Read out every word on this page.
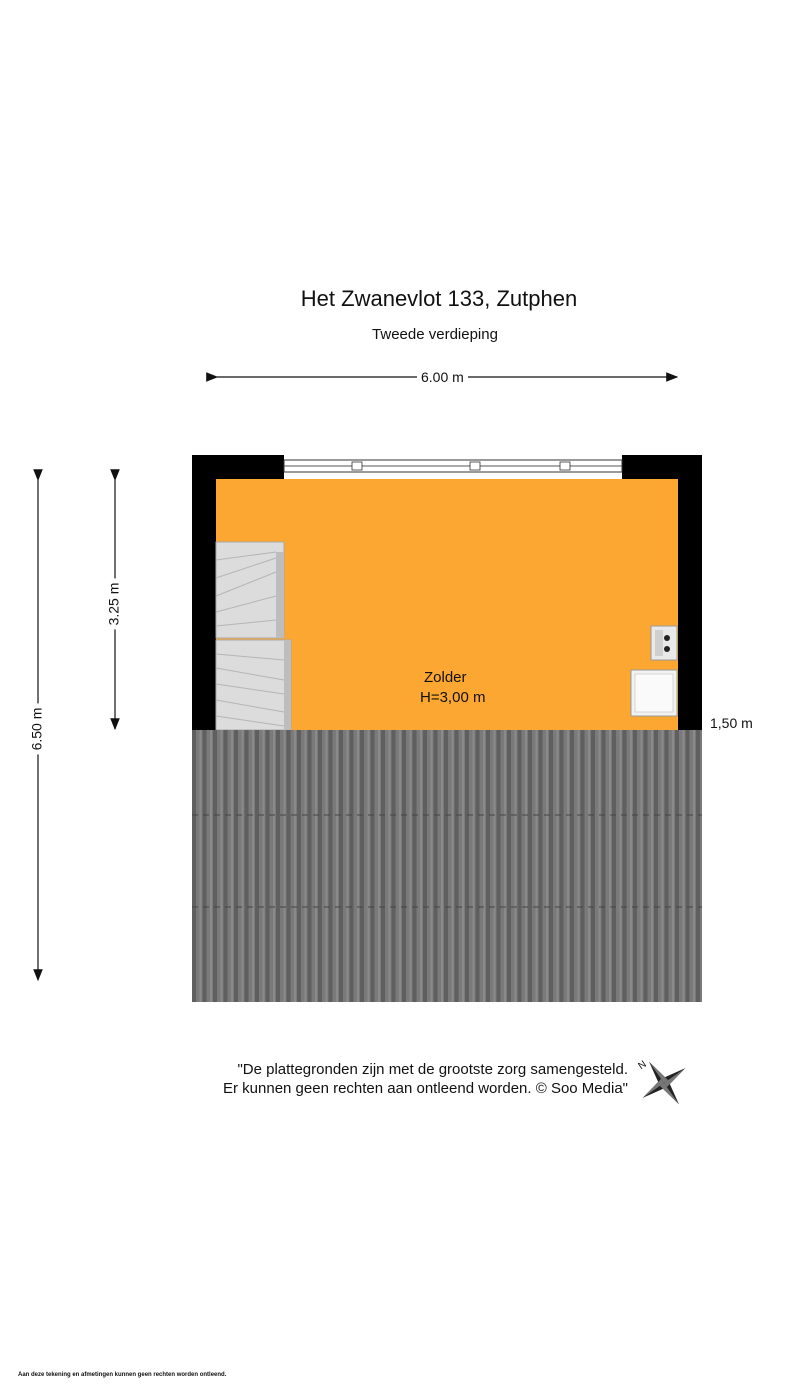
Het Zwanevlot 133, Zutphen
Tweede verdieping
N
6.00 m
6.50 m
3.25 m
1,50 m
Zolder
H=3,00 m
"De plattegronden zijn met de grootste zorg samengesteld.
Er kunnen geen rechten aan ontleend worden. © Soo Media"
Aan deze tekening en afmetingen kunnen geen rechten worden ontleend.
